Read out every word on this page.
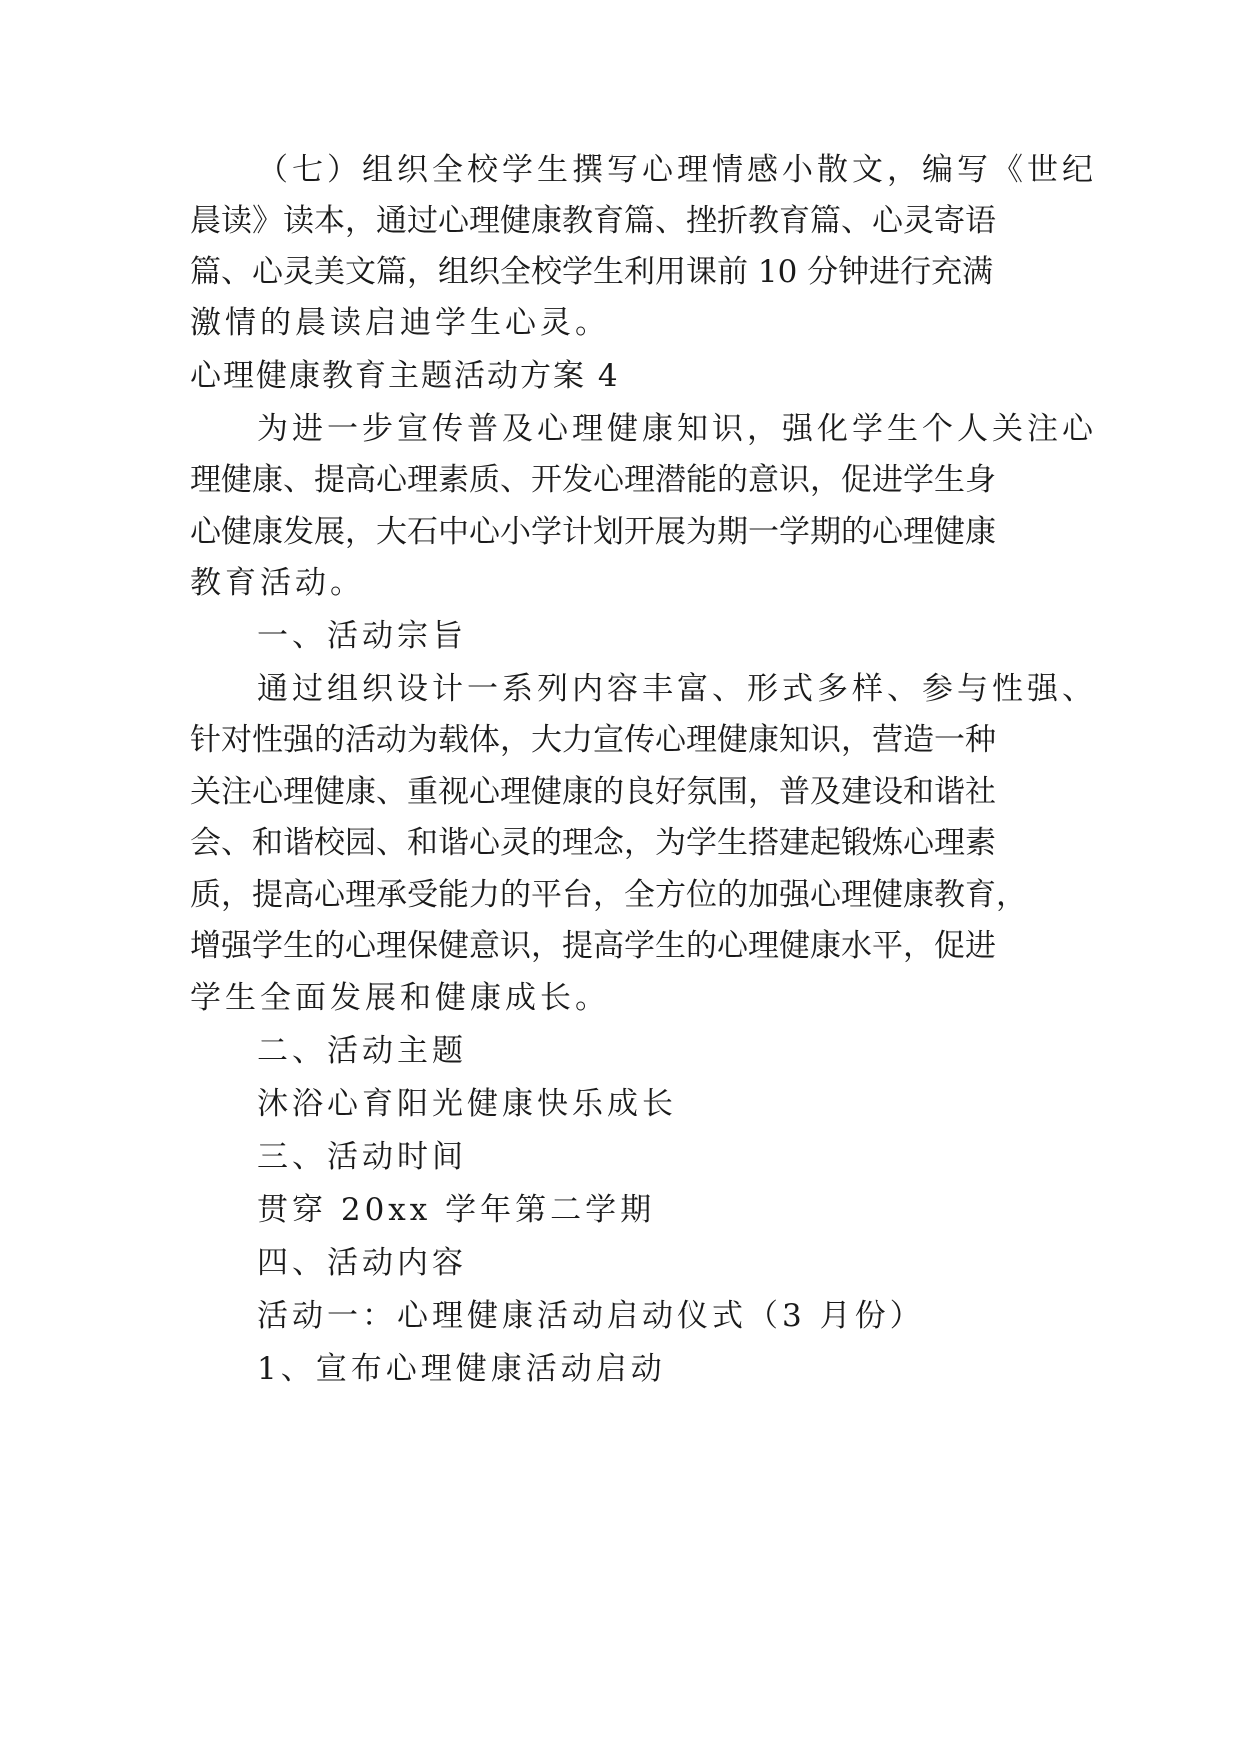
（七）组织全校学生撰写心理情感小散文，编写《世纪
晨读》读本，通过心理健康教育篇、挫折教育篇、心灵寄语
篇、心灵美文篇，组织全校学生利用课前 10 分钟进行充满
激情的晨读启迪学生心灵。
心理健康教育主题活动方案 4
为进一步宣传普及心理健康知识，强化学生个人关注心
理健康、提高心理素质、开发心理潜能的意识，促进学生身
心健康发展，大石中心小学计划开展为期一学期的心理健康
教育活动。
一、活动宗旨
通过组织设计一系列内容丰富、形式多样、参与性强、
针对性强的活动为载体，大力宣传心理健康知识，营造一种
关注心理健康、重视心理健康的良好氛围，普及建设和谐社
会、和谐校园、和谐心灵的理念，为学生搭建起锻炼心理素
质，提高心理承受能力的平台，全方位的加强心理健康教育，
增强学生的心理保健意识，提高学生的心理健康水平，促进
学生全面发展和健康成长。
二、活动主题
沐浴心育阳光健康快乐成长
三、活动时间
贯穿 20xx 学年第二学期
四、活动内容
活动一：心理健康活动启动仪式（3 月份）
1、宣布心理健康活动启动
